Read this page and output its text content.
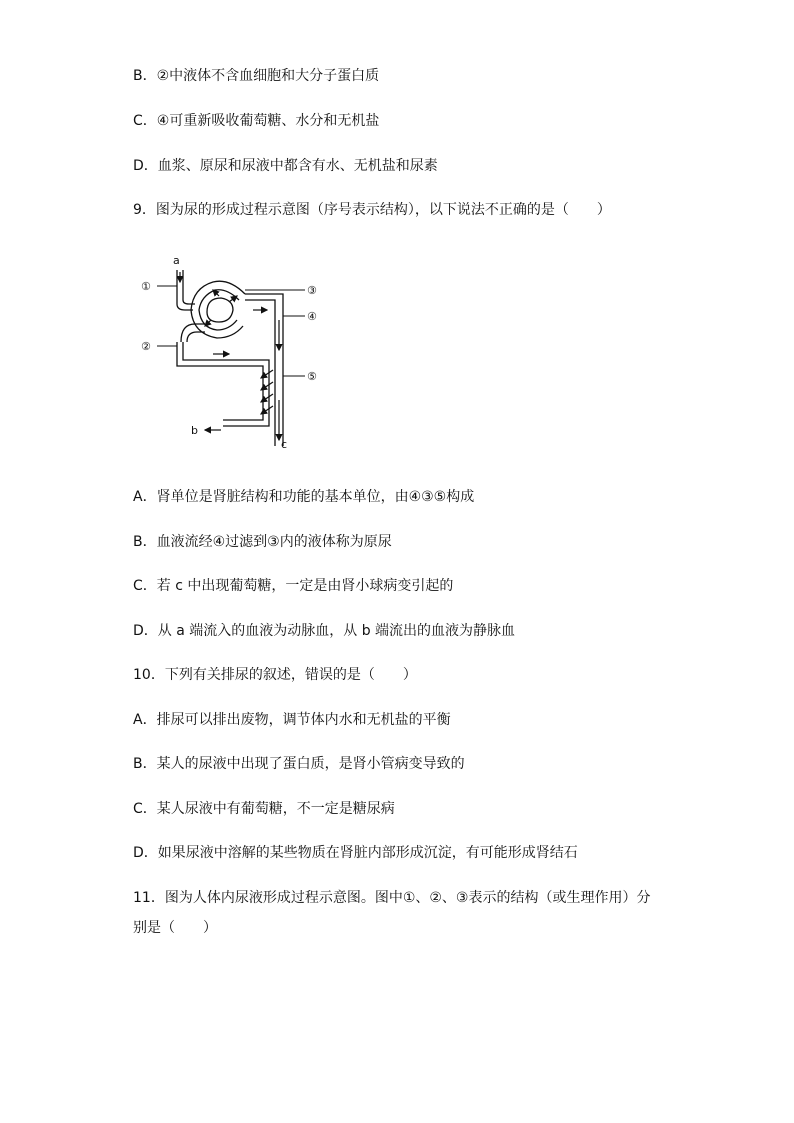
B．②中液体不含血细胞和大分子蛋白质
C．④可重新吸收葡萄糖、水分和无机盐
D．血浆、原尿和尿液中都含有水、无机盐和尿素
9．图为尿的形成过程示意图（序号表示结构），以下说法不正确的是（　　）
a
b
c
①
②
③
④
⑤
A．肾单位是肾脏结构和功能的基本单位，由④③⑤构成
B．血液流经④过滤到③内的液体称为原尿
C．若 c 中出现葡萄糖，一定是由肾小球病变引起的
D．从 a 端流入的血液为动脉血，从 b 端流出的血液为静脉血
10．下列有关排尿的叙述，错误的是（　　）
A．排尿可以排出废物，调节体内水和无机盐的平衡
B．某人的尿液中出现了蛋白质，是肾小管病变导致的
C．某人尿液中有葡萄糖，不一定是糖尿病
D．如果尿液中溶解的某些物质在肾脏内部形成沉淀，有可能形成肾结石
11．图为人体内尿液形成过程示意图。图中①、②、③表示的结构（或生理作用）分
别是（　　）
